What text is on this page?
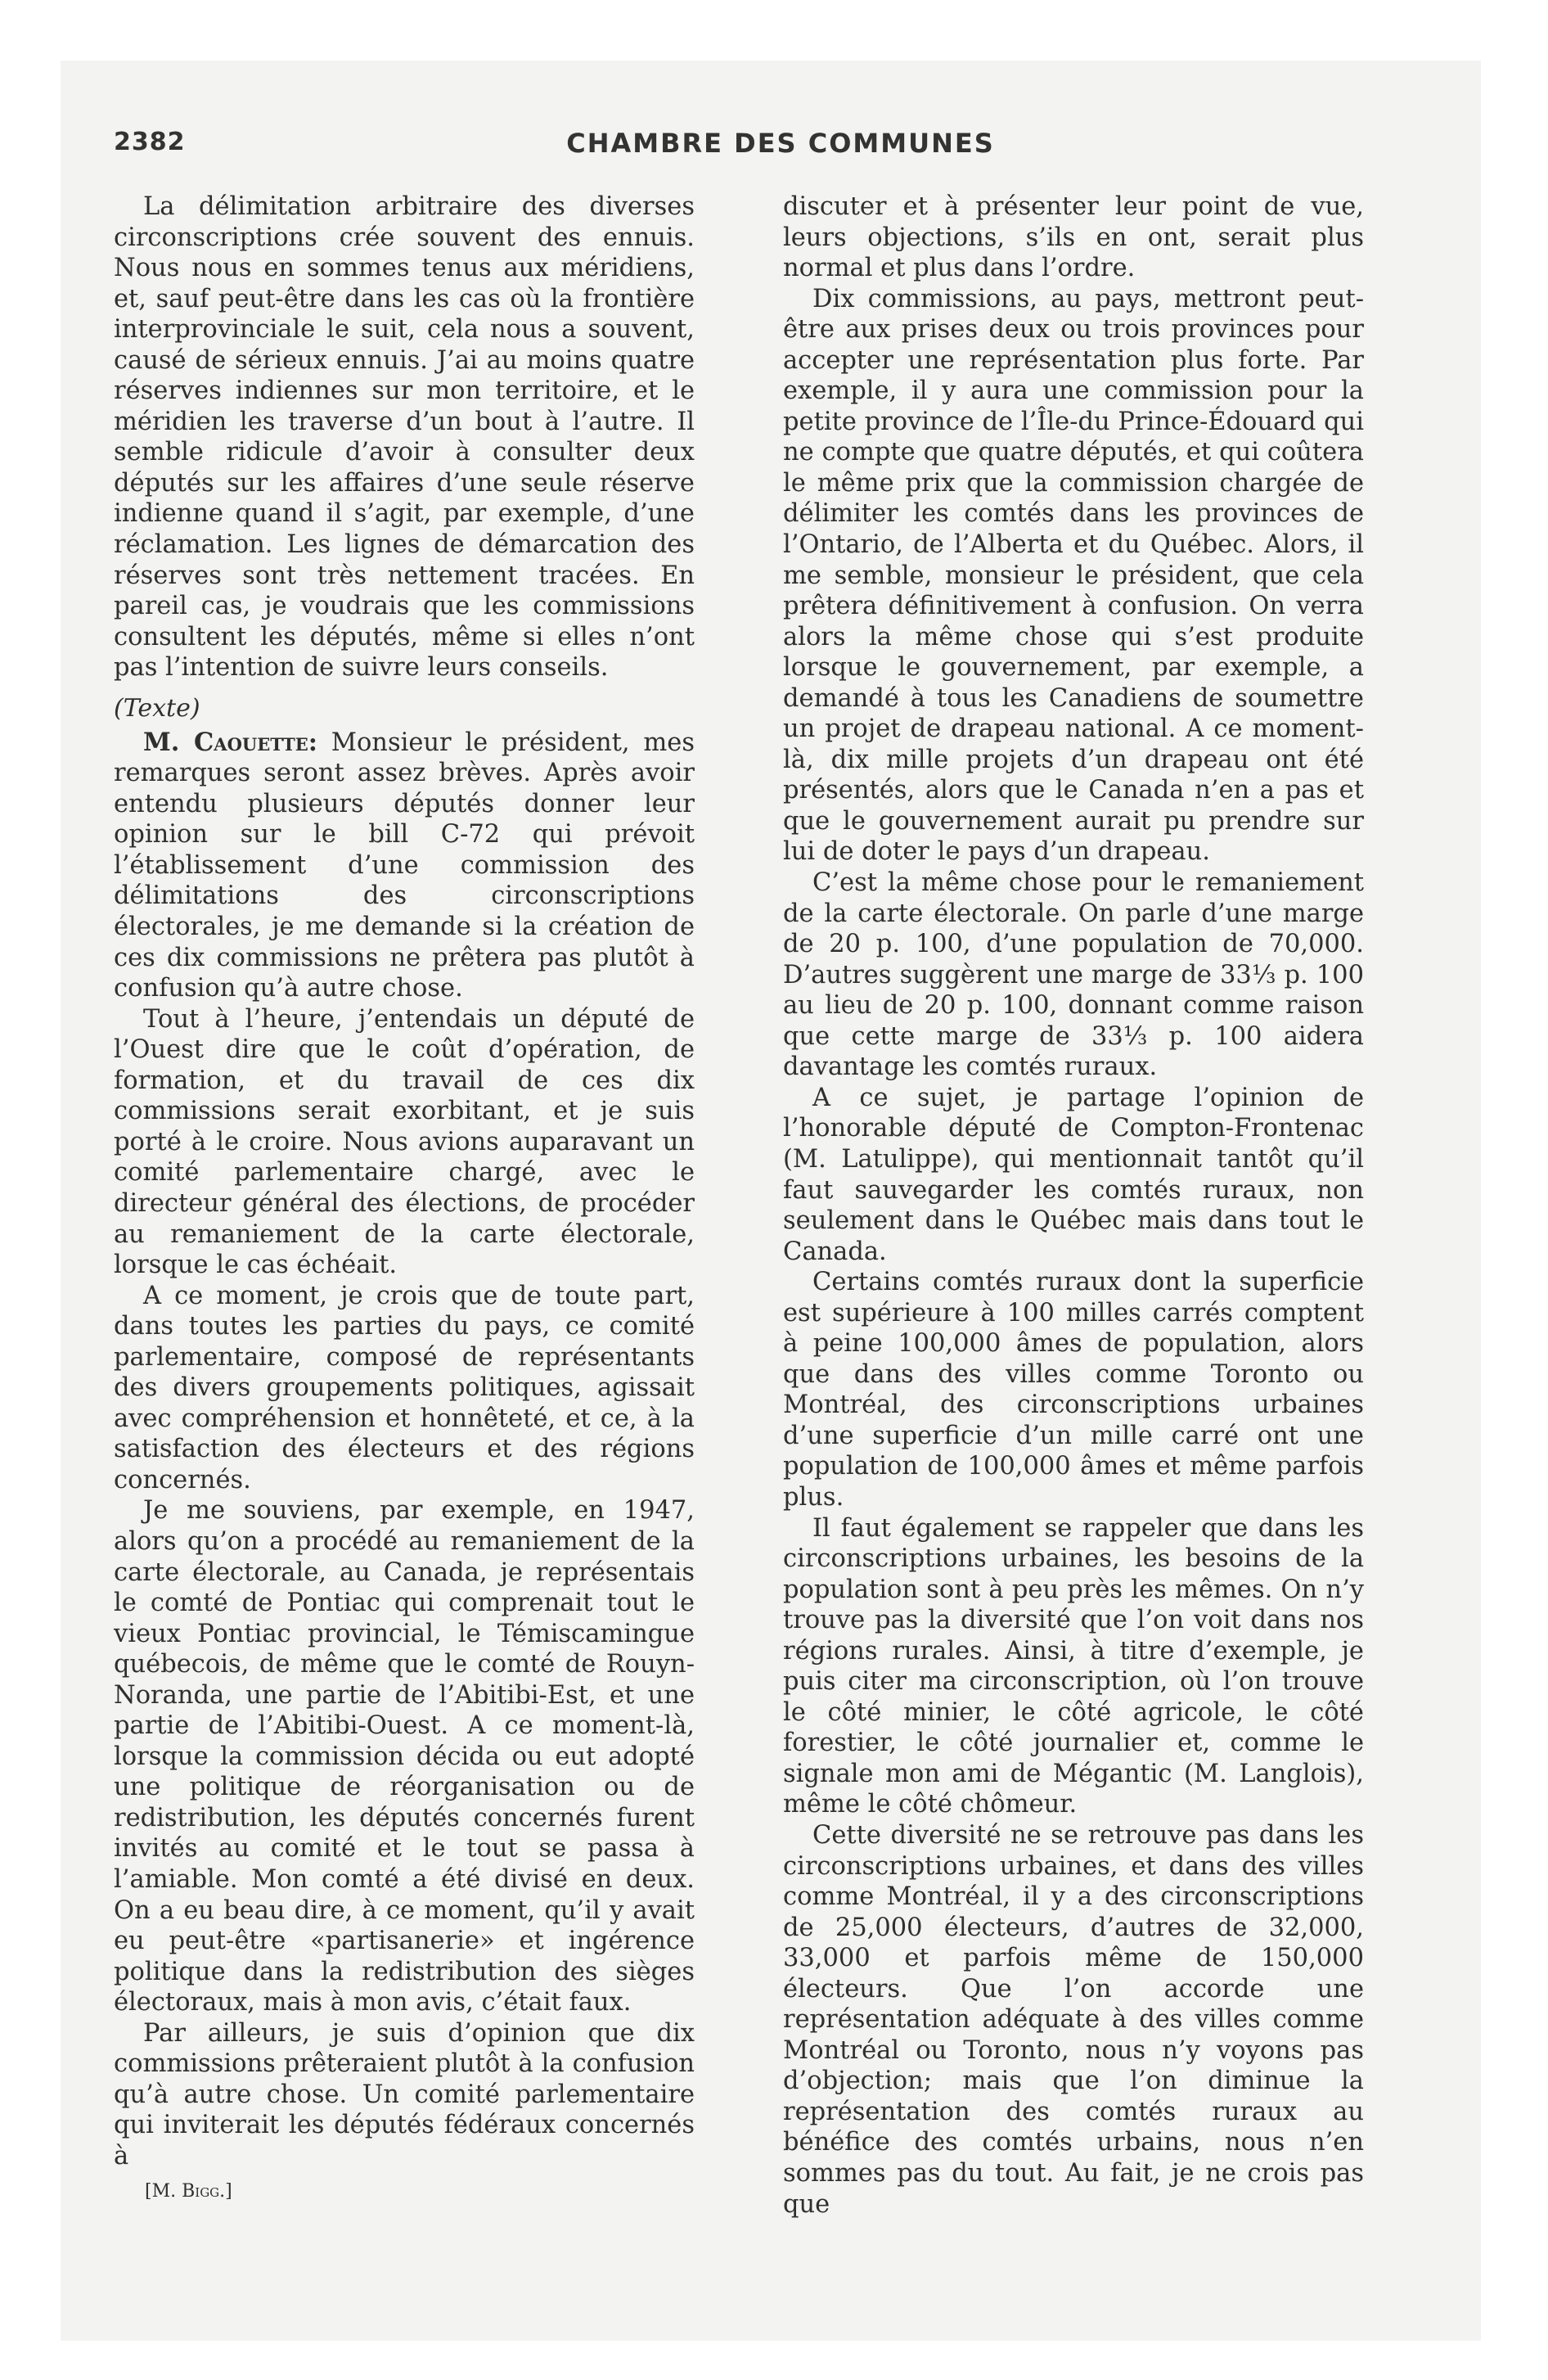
2382	CHAMBRE DES COMMUNES

La délimitation arbitraire des diverses circonscriptions crée souvent des ennuis. Nous nous en sommes tenus aux méridiens, et, sauf peut-être dans les cas où la frontière interprovinciale le suit, cela nous a souvent, causé de sérieux ennuis. J’ai au moins quatre réserves indiennes sur mon territoire, et le méridien les traverse d’un bout à l’autre. Il semble ridicule d’avoir à consulter deux députés sur les affaires d’une seule réserve indienne quand il s’agit, par exemple, d’une réclamation. Les lignes de démarcation des réserves sont très nettement tracées. En pareil cas, je voudrais que les commissions consultent les députés, même si elles n’ont pas l’intention de suivre leurs conseils.

(Texte)

M. Caouette: Monsieur le président, mes remarques seront assez brèves. Après avoir entendu plusieurs députés donner leur opinion sur le bill C-72 qui prévoit l’établissement d’une commission des délimitations des circonscriptions électorales, je me demande si la création de ces dix commissions ne prêtera pas plutôt à confusion qu’à autre chose.

Tout à l’heure, j’entendais un député de l’Ouest dire que le coût d’opération, de formation, et du travail de ces dix commissions serait exorbitant, et je suis porté à le croire. Nous avions auparavant un comité parlementaire chargé, avec le directeur général des élections, de procéder au remaniement de la carte électorale, lorsque le cas échéait.

A ce moment, je crois que de toute part, dans toutes les parties du pays, ce comité parlementaire, composé de représentants des divers groupements politiques, agissait avec compréhension et honnêteté, et ce, à la satisfaction des électeurs et des régions concernés.

Je me souviens, par exemple, en 1947, alors qu’on a procédé au remaniement de la carte électorale, au Canada, je représentais le comté de Pontiac qui comprenait tout le vieux Pontiac provincial, le Témiscamingue québecois, de même que le comté de Rouyn-Noranda, une partie de l’Abitibi-Est, et une partie de l’Abitibi-Ouest. A ce moment-là, lorsque la commission décida ou eut adopté une politique de réorganisation ou de redistribution, les députés concernés furent invités au comité et le tout se passa à l’amiable. Mon comté a été divisé en deux. On a eu beau dire, à ce moment, qu’il y avait eu peut-être «partisanerie» et ingérence politique dans la redistribution des sièges électoraux, mais à mon avis, c’était faux.

Par ailleurs, je suis d’opinion que dix commissions prêteraient plutôt à la confusion qu’à autre chose. Un comité parlementaire qui inviterait les députés fédéraux concernés à

[M. Bigg.]

discuter et à présenter leur point de vue, leurs objections, s’ils en ont, serait plus normal et plus dans l’ordre.

Dix commissions, au pays, mettront peut-être aux prises deux ou trois provinces pour accepter une représentation plus forte. Par exemple, il y aura une commission pour la petite province de l’Île-du Prince-Édouard qui ne compte que quatre députés, et qui coûtera le même prix que la commission chargée de délimiter les comtés dans les provinces de l’Ontario, de l’Alberta et du Québec. Alors, il me semble, monsieur le président, que cela prêtera définitivement à confusion. On verra alors la même chose qui s’est produite lorsque le gouvernement, par exemple, a demandé à tous les Canadiens de soumettre un projet de drapeau national. A ce moment-là, dix mille projets d’un drapeau ont été présentés, alors que le Canada n’en a pas et que le gouvernement aurait pu prendre sur lui de doter le pays d’un drapeau.

C’est la même chose pour le remaniement de la carte électorale. On parle d’une marge de 20 p. 100, d’une population de 70,000. D’autres suggèrent une marge de 33⅓ p. 100 au lieu de 20 p. 100, donnant comme raison que cette marge de 33⅓ p. 100 aidera davantage les comtés ruraux.

A ce sujet, je partage l’opinion de l’honorable député de Compton-Frontenac (M. Latulippe), qui mentionnait tantôt qu’il faut sauvegarder les comtés ruraux, non seulement dans le Québec mais dans tout le Canada.

Certains comtés ruraux dont la superficie est supérieure à 100 milles carrés comptent à peine 100,000 âmes de population, alors que dans des villes comme Toronto ou Montréal, des circonscriptions urbaines d’une superficie d’un mille carré ont une population de 100,000 âmes et même parfois plus.

Il faut également se rappeler que dans les circonscriptions urbaines, les besoins de la population sont à peu près les mêmes. On n’y trouve pas la diversité que l’on voit dans nos régions rurales. Ainsi, à titre d’exemple, je puis citer ma circonscription, où l’on trouve le côté minier, le côté agricole, le côté forestier, le côté journalier et, comme le signale mon ami de Mégantic (M. Langlois), même le côté chômeur.

Cette diversité ne se retrouve pas dans les circonscriptions urbaines, et dans des villes comme Montréal, il y a des circonscriptions de 25,000 électeurs, d’autres de 32,000, 33,000 et parfois même de 150,000 électeurs. Que l’on accorde une représentation adéquate à des villes comme Montréal ou Toronto, nous n’y voyons pas d’objection; mais que l’on diminue la représentation des comtés ruraux au bénéfice des comtés urbains, nous n’en sommes pas du tout. Au fait, je ne crois pas que
